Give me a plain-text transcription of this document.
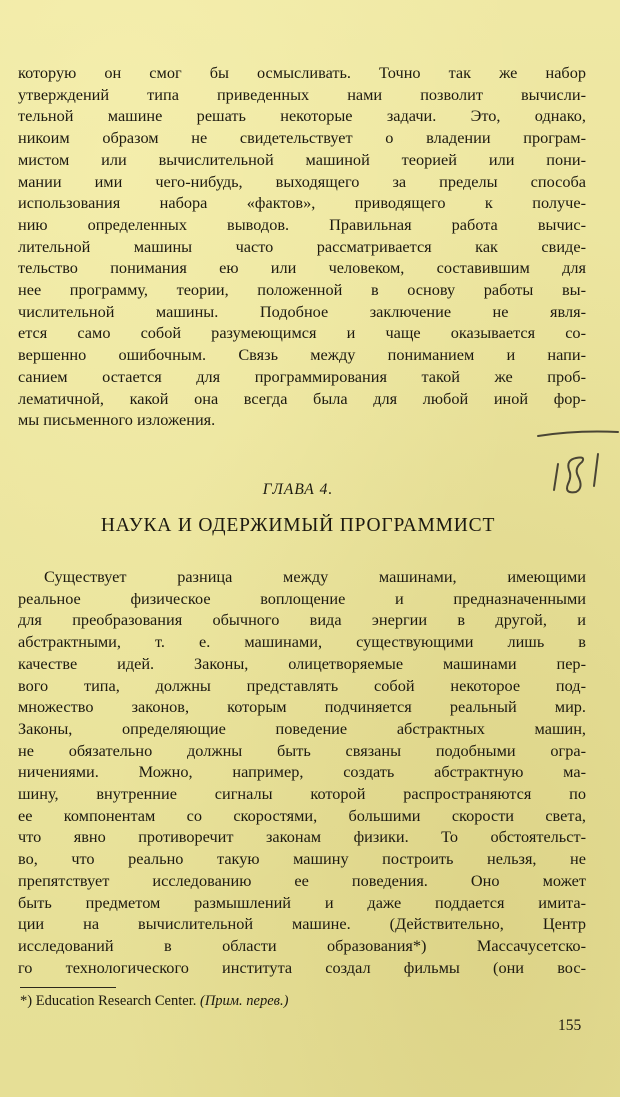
которую он смог бы осмысливать. Точно так же набор
утверждений типа приведенных нами позволит вычисли-
тельной машине решать некоторые задачи. Это, однако,
никоим образом не свидетельствует о владении програм-
мистом или вычислительной машиной теорией или пони-
мании ими чего-нибудь, выходящего за пределы способа
использования набора «фактов», приводящего к получе-
нию определенных выводов. Правильная работа вычис-
лительной машины часто рассматривается как свиде-
тельство понимания ею или человеком, составившим для
нее программу, теории, положенной в основу работы вы-
числительной машины. Подобное заключение не явля-
ется само собой разумеющимся и чаще оказывается со-
вершенно ошибочным. Связь между пониманием и напи-
санием остается для программирования такой же проб-
лематичной, какой она всегда была для любой иной фор-
мы письменного изложения.
ГЛАВА 4.
НАУКА И ОДЕРЖИМЫЙ ПРОГРАММИСТ
Существует разница между машинами, имеющими
реальное физическое воплощение и предназначенными
для преобразования обычного вида энергии в другой, и
абстрактными, т. е. машинами, существующими лишь в
качестве идей. Законы, олицетворяемые машинами пер-
вого типа, должны представлять собой некоторое под-
множество законов, которым подчиняется реальный мир.
Законы, определяющие поведение абстрактных машин,
не обязательно должны быть связаны подобными огра-
ничениями. Можно, например, создать абстрактную ма-
шину, внутренние сигналы которой распространяются по
ее компонентам со скоростями, большими скорости света,
что явно противоречит законам физики. То обстоятельст-
во, что реально такую машину построить нельзя, не
препятствует исследованию ее поведения. Оно может
быть предметом размышлений и даже поддается имита-
ции на вычислительной машине. (Действительно, Центр
исследований в области образования*) Массачусетско-
го технологического института создал фильмы (они вос-
*) Education Research Center. (Прим. перев.)
155
